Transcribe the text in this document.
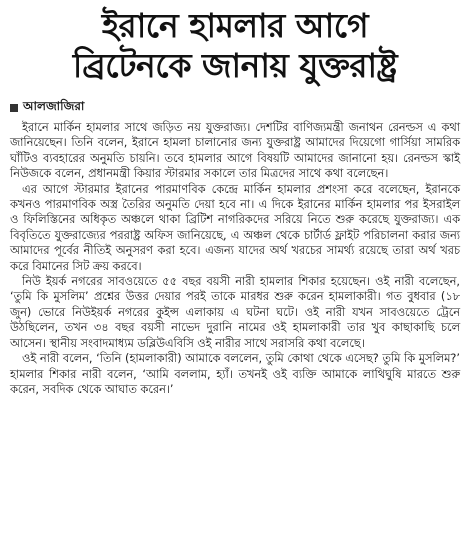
ইরানে হামলার আগে
ব্রিটেনকে জানায় যুক্তরাষ্ট্র
আলজাজিরা

ইরানে মার্কিন হামলার সাথে জড়িত নয় যুক্তরাজ্য। দেশটির বাণিজ্যমন্ত্রী জনাথন রেনল্ডস এ কথা জানিয়েছেন। তিনি বলেন, ইরানে হামলা চালানোর জন্য যুক্তরাষ্ট্র আমাদের দিয়েগো গার্সিয়া সামরিক ঘাঁটিও ব্যবহারের অনুমতি চায়নি। তবে হামলার আগে বিষয়টি আমাদের জানানো হয়। রেনল্ডস স্কাই নিউজকে বলেন, প্রধানমন্ত্রী কিয়ার স্টারমার সকালে তার মিত্রদের সাথে কথা বলেছেন।

এর আগে স্টারমার ইরানের পারমাণবিক কেন্দ্রে মার্কিন হামলার প্রশংসা করে বলেছেন, ইরানকে কখনও পারমাণবিক অস্ত্র তৈরির অনুমতি দেয়া হবে না। এ দিকে ইরানের মার্কিন হামলার পর ইসরাইল ও ফিলিস্তিনের অধিকৃত অঞ্চলে থাকা ব্রিটিশ নাগরিকদের সরিয়ে নিতে শুরু করেছে যুক্তরাজ্য। এক বিবৃতিতে যুক্তরাজ্যের পররাষ্ট্র অফিস জানিয়েছে, এ অঞ্চল থেকে চার্টার্ড ফ্লাইট পরিচালনা করার জন্য আমাদের পূর্বের নীতিই অনুসরণ করা হবে। এজন্য যাদের অর্থ খরচের সামর্থ্য রয়েছে তারা অর্থ খরচ করে বিমানের সিট ক্রয় করবে।

নিউ ইয়র্ক নগরের সাবওয়েতে ৫৫ বছর বয়সী নারী হামলার শিকার হয়েছেন। ওই নারী বলেছেন, ‘তুমি কি মুসলিম’ প্রশ্নের উত্তর দেয়ার পরই তাকে মারধর শুরু করেন হামলাকারী। গত বুধবার (১৮ জুন) ভোরে নিউইয়র্ক নগরের কুইন্স এলাকায় এ ঘটনা ঘটে। ওই নারী যখন সাবওয়েতে ট্রেনে উঠছিলেন, তখন ৩৪ বছর বয়সী নাভেদ দুরানি নামের ওই হামলাকারী তার খুব কাছাকাছি চলে আসেন। স্থানীয় সংবাদমাধ্যম ডব্লিউএবিসি ওই নারীর সাথে সরাসরি কথা বলেছে।

ওই নারী বলেন, ‘তিনি (হামলাকারী) আমাকে বললেন, তুমি কোথা থেকে এসেছ? তুমি কি মুসলিম?’ হামলার শিকার নারী বলেন, ‘আমি বললাম, হ্যাঁ। তখনই ওই ব্যক্তি আমাকে লাথিঘুষি মারতে শুরু করেন, সবদিক থেকে আঘাত করেন।’
